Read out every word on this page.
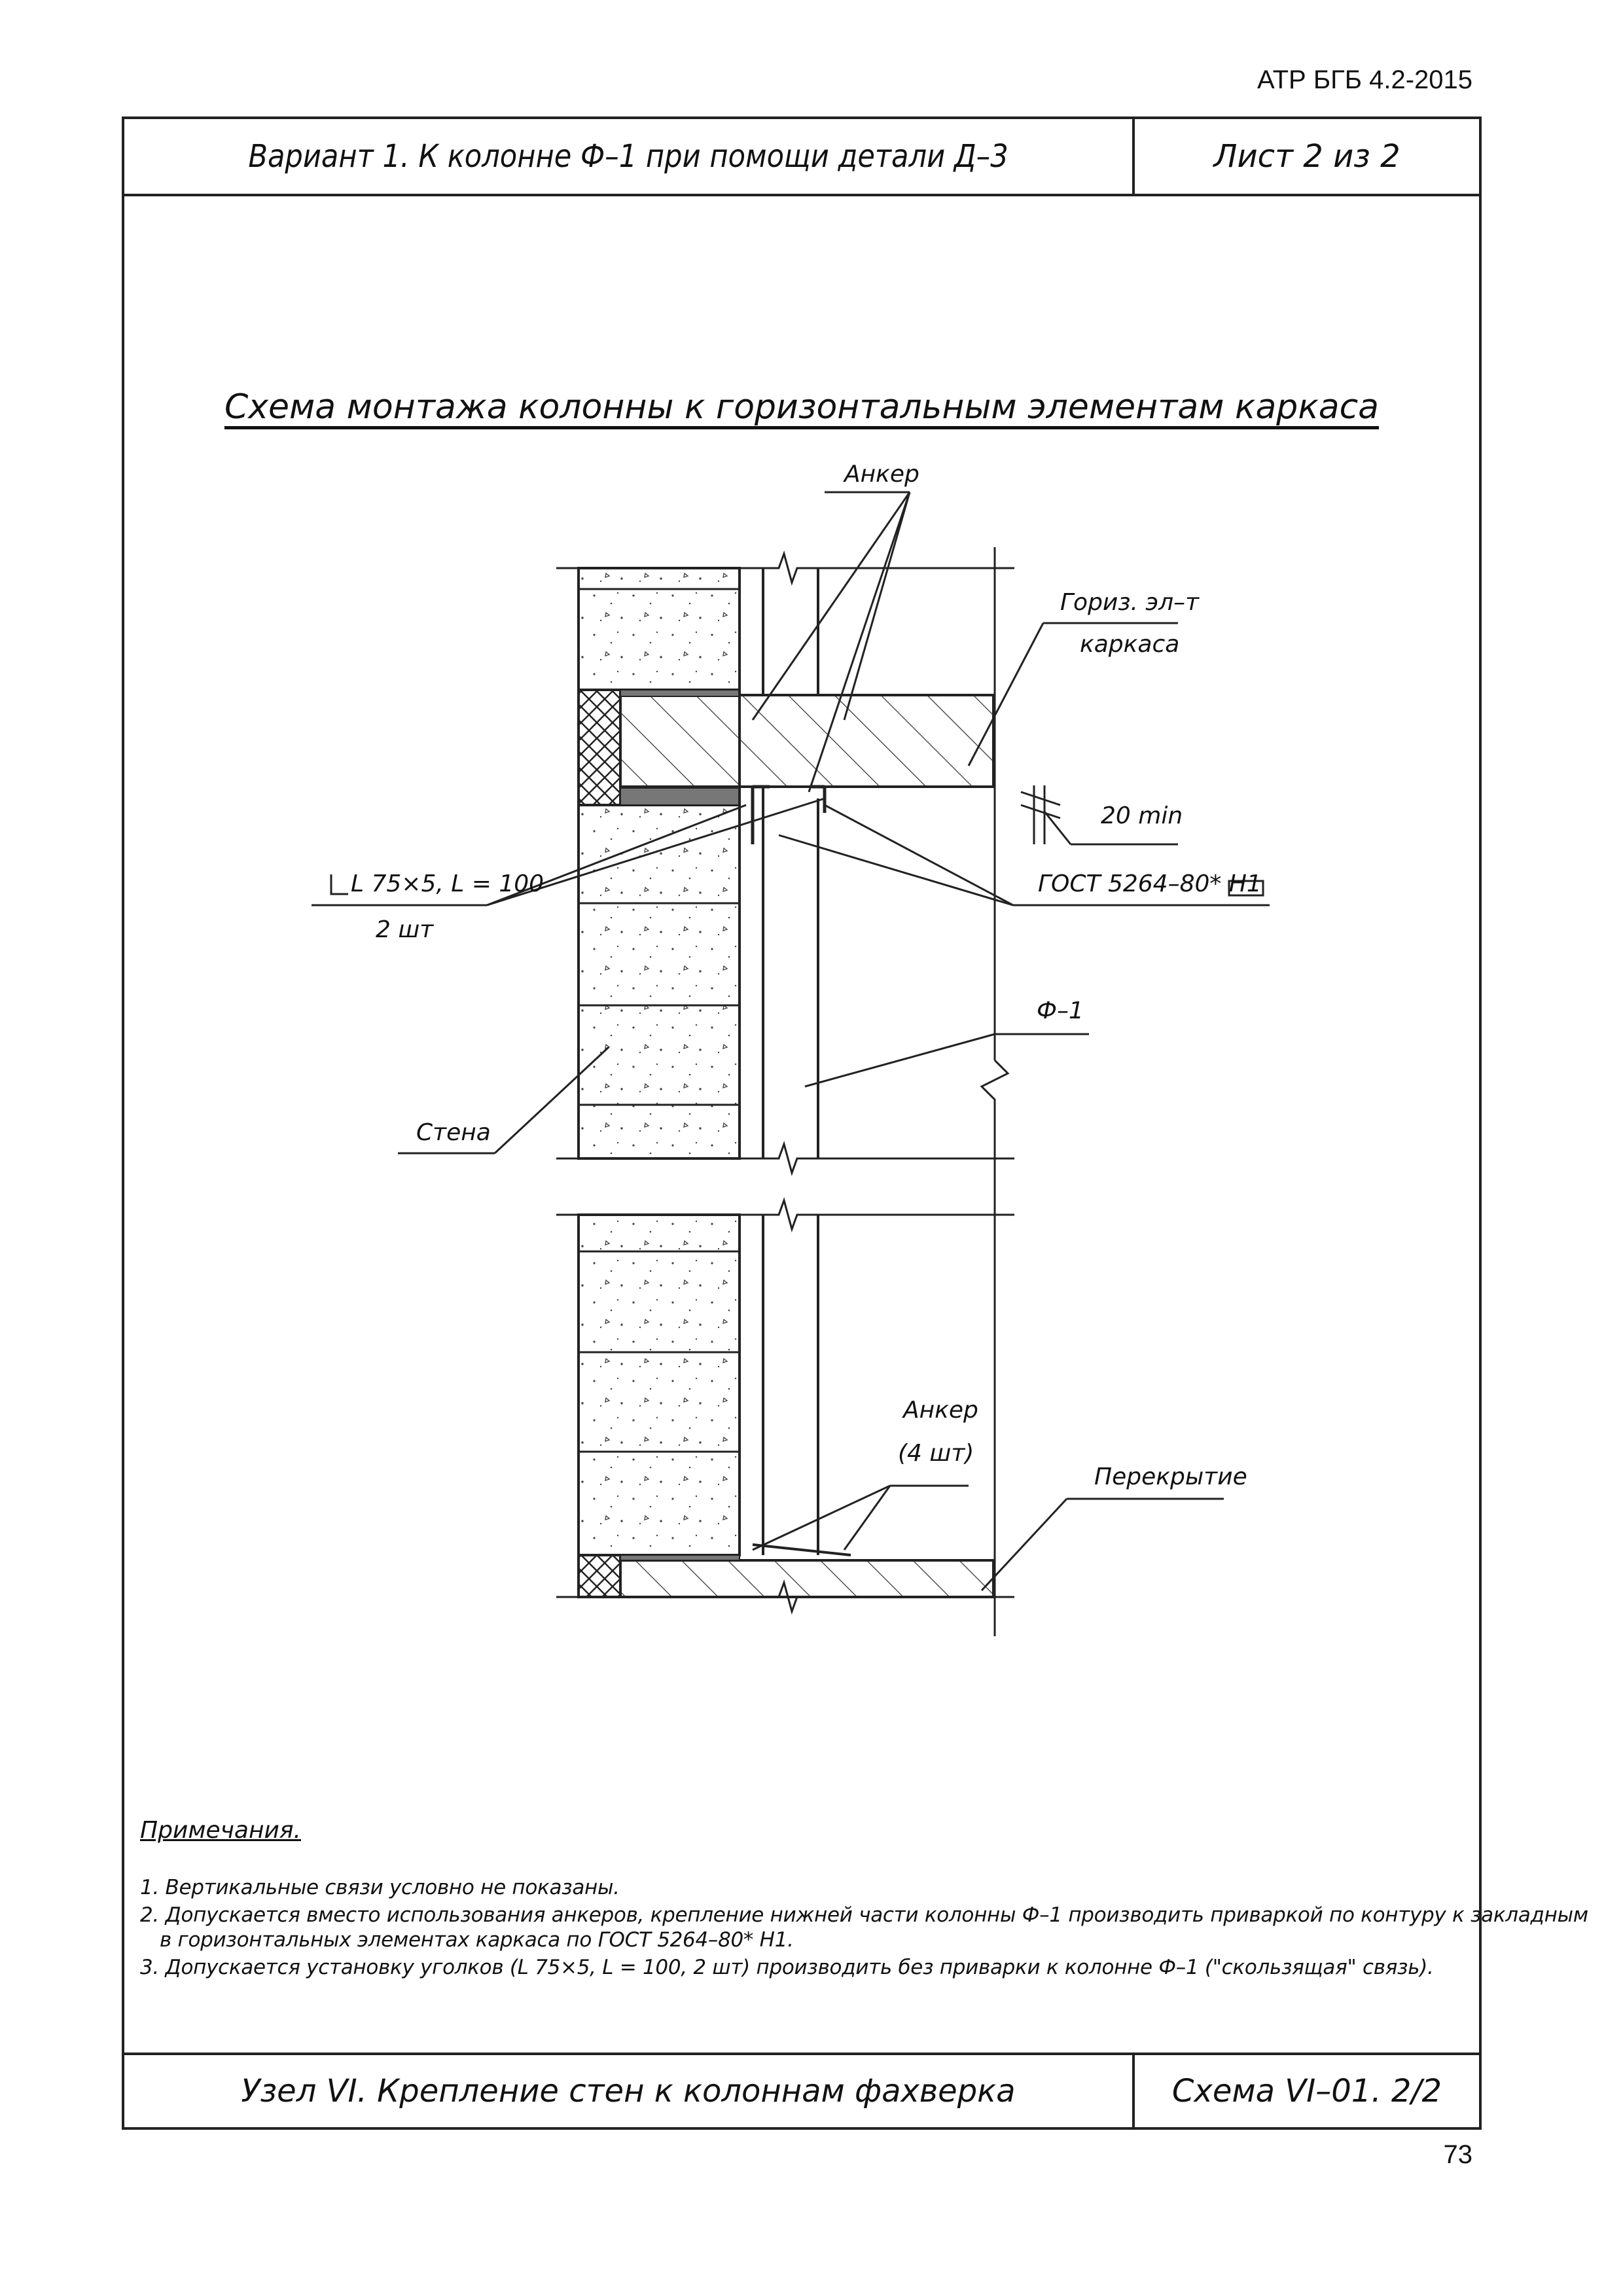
АТР БГБ 4.2-2015
73
Вариант 1. К колонне Ф–1 при помощи детали Д–3	Лист 2 из 2
Узел VI. Крепление стен к колоннам фахверка	Схема VI–01. 2/2
Схема монтажа колонны к горизонтальным элементам каркаса
Анкер
Гориз. эл–т
каркаса
20 min
L 75×5, L = 100
2 шт
ГОСТ 5264–80* Н1
Ф–1
Стена
Анкер
(4 шт)
Перекрытие
Примечания.
1. Вертикальные связи условно не показаны.
2. Допускается вместо использования анкеров, крепление нижней части колонны Ф–1 производить приваркой по контуру к закладным
в горизонтальных элементах каркаса по ГОСТ 5264–80* Н1.
3. Допускается установку уголков (L 75×5, L = 100, 2 шт) производить без приварки к колонне Ф–1 ("скользящая" связь).
